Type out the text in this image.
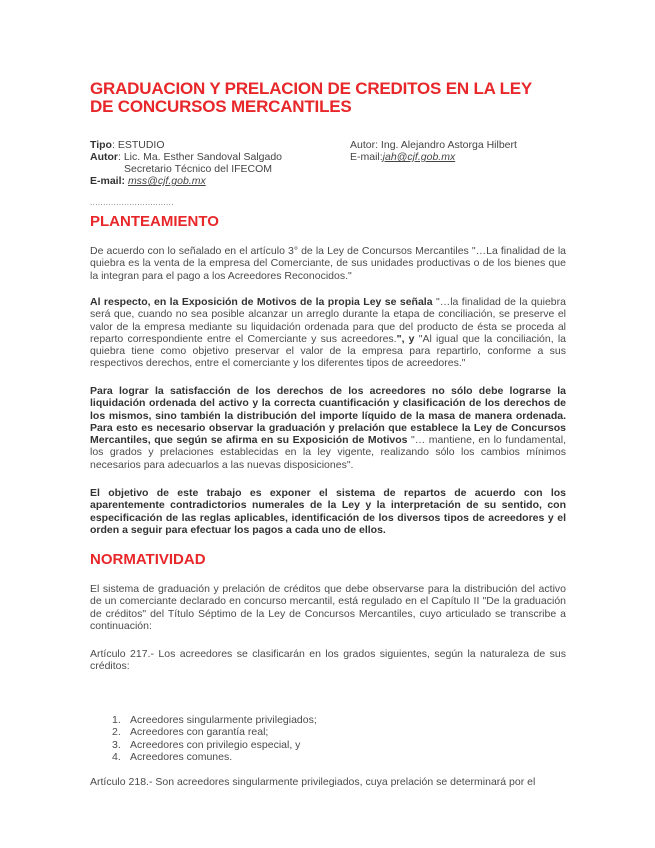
GRADUACION Y PRELACION DE CREDITOS EN LA LEY
DE CONCURSOS MERCANTILES
Tipo: ESTUDIO
Autor: Lic. Ma. Esther Sandoval Salgado
Secretario Técnico del IFECOM
E-mail: mss@cjf.gob.mx
Autor: Ing. Alejandro Astorga Hilbert
E-mail:jah@cjf.gob.mx
................................
PLANTEAMIENTO
De acuerdo con lo señalado en el artículo 3° de la Ley de Concursos Mercantiles "…La finalidad de la quiebra es la venta de la empresa del Comerciante, de sus unidades productivas o de los bienes que la integran para el pago a los Acreedores Reconocidos."
Al respecto, en la Exposición de Motivos de la propia Ley se señala "…la finalidad de la quiebra será que, cuando no sea posible alcanzar un arreglo durante la etapa de conciliación, se preserve el valor de la empresa mediante su liquidación ordenada para que del producto de ésta se proceda al reparto correspondiente entre el Comerciante y sus acreedores.", y "Al igual que la conciliación, la quiebra tiene como objetivo preservar el valor de la empresa para repartirlo, conforme a sus respectivos derechos, entre el comerciante y los diferentes tipos de acreedores."
Para lograr la satisfacción de los derechos de los acreedores no sólo debe lograrse la liquidación ordenada del activo y la correcta cuantificación y clasificación de los derechos de los mismos, sino también la distribución del importe líquido de la masa de manera ordenada. Para esto es necesario observar la graduación y prelación que establece la Ley de Concursos Mercantiles, que según se afirma en su Exposición de Motivos "… mantiene, en lo fundamental, los grados y prelaciones establecidas en la ley vigente, realizando sólo los cambios mínimos necesarios para adecuarlos a las nuevas disposiciones".
El objetivo de este trabajo es exponer el sistema de repartos de acuerdo con los aparentemente contradictorios numerales de la Ley y la interpretación de su sentido, con especificación de las reglas aplicables, identificación de los diversos tipos de acreedores y el orden a seguir para efectuar los pagos a cada uno de ellos.
NORMATIVIDAD
El sistema de graduación y prelación de créditos que debe observarse para la distribución del activo de un comerciante declarado en concurso mercantil, está regulado en el Capítulo II "De la graduación de créditos" del Título Séptimo de la Ley de Concursos Mercantiles, cuyo articulado se transcribe a continuación:
Artículo 217.- Los acreedores se clasificarán en los grados siguientes, según la naturaleza de sus créditos:
1. Acreedores singularmente privilegiados;
2. Acreedores con garantía real;
3. Acreedores con privilegio especial, y
4. Acreedores comunes.
Artículo 218.- Son acreedores singularmente privilegiados, cuya prelación se determinará por el
